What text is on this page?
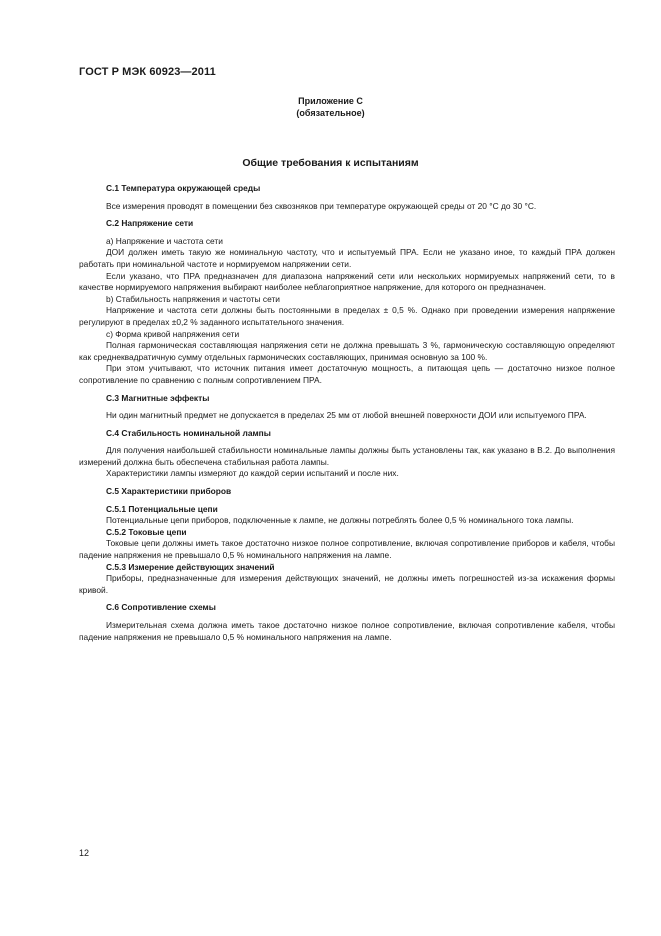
ГОСТ Р МЭК 60923—2011
Приложение С
(обязательное)
Общие требования к испытаниям
С.1 Температура окружающей среды

Все измерения проводят в помещении без сквозняков при температуре окружающей среды от 20 °С до 30 °С.

С.2 Напряжение сети

а) Напряжение и частота сети

ДОИ должен иметь такую же номинальную частоту, что и испытуемый ПРА. Если не указано иное, то каждый ПРА должен работать при номинальной частоте и нормируемом напряжении сети.

Если указано, что ПРА предназначен для диапазона напряжений сети или нескольких нормируемых напряжений сети, то в качестве нормируемого напряжения выбирают наиболее неблагоприятное напряжение, для которого он предназначен.

b) Стабильность напряжения и частоты сети

Напряжение и частота сети должны быть постоянными в пределах ± 0,5 %. Однако при проведении измерения напряжение регулируют в пределах ±0,2 % заданного испытательного значения.

с) Форма кривой напряжения сети

Полная гармоническая составляющая напряжения сети не должна превышать 3 %, гармоническую составляющую определяют как среднеквадратичную сумму отдельных гармонических составляющих, принимая основную за 100 %.

При этом учитывают, что источник питания имеет достаточную мощность, а питающая цепь — достаточно низкое полное сопротивление по сравнению с полным сопротивлением ПРА.

С.3 Магнитные эффекты

Ни один магнитный предмет не допускается в пределах 25 мм от любой внешней поверхности ДОИ или испытуемого ПРА.

С.4 Стабильность номинальной лампы

Для получения наибольшей стабильности номинальные лампы должны быть установлены так, как указано в В.2. До выполнения измерений должна быть обеспечена стабильная работа лампы.

Характеристики лампы измеряют до каждой серии испытаний и после них.

С.5 Характеристики приборов
С.5.1 Потенциальные цепи

Потенциальные цепи приборов, подключенные к лампе, не должны потреблять более 0,5 % номинального тока лампы.

С.5.2 Токовые цепи

Токовые цепи должны иметь такое достаточно низкое полное сопротивление, включая сопротивление приборов и кабеля, чтобы падение напряжения не превышало 0,5 % номинального напряжения на лампе.

С.5.3 Измерение действующих значений

Приборы, предназначенные для измерения действующих значений, не должны иметь погрешностей из-за искажения формы кривой.

С.6 Сопротивление схемы

Измерительная схема должна иметь такое достаточно низкое полное сопротивление, включая сопротивление кабеля, чтобы падение напряжения не превышало 0,5 % номинального напряжения на лампе.

12
